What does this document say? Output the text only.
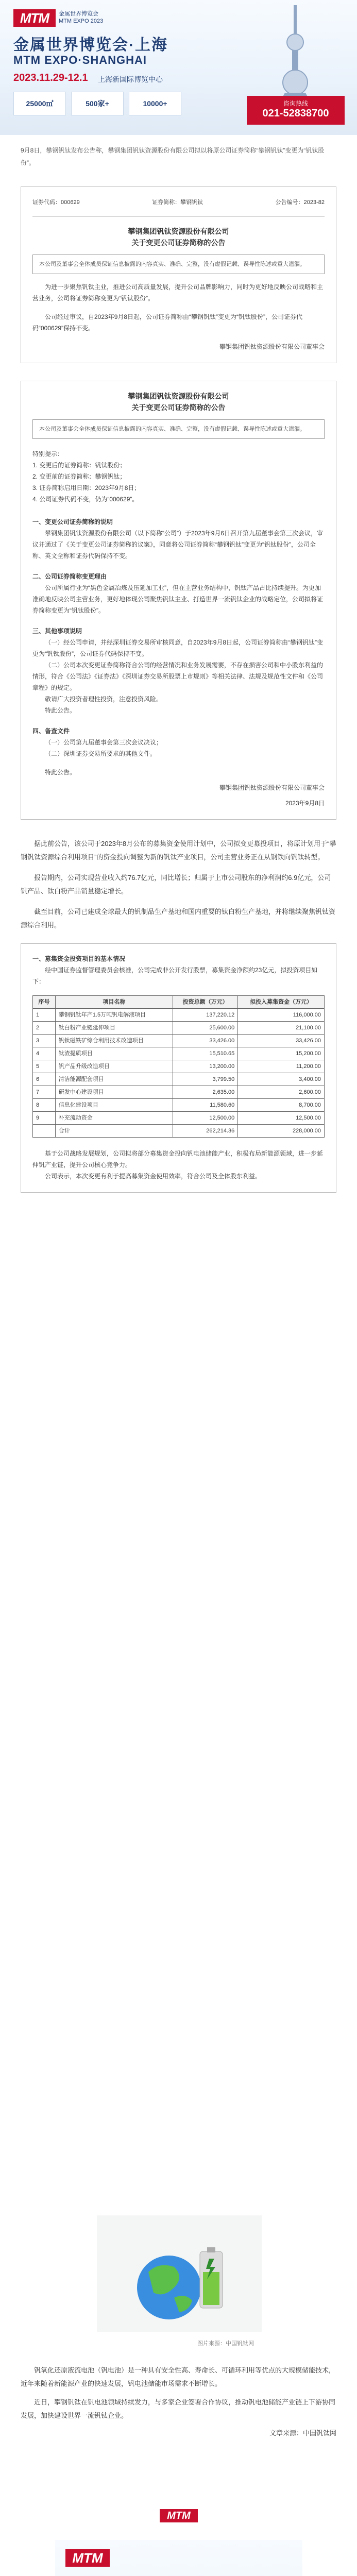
MTM	金属世界博览会
MTM EXPO 2023
金属世界博览会·上海
MTM EXPO·SHANGHAI
2023.11.29-12.1 上海新国际博览中心
25000㎡	500家+	10000+	咨询热线
021-52838700

9月8日，攀钢钒钛发布公告称，攀钢集团钒钛资源股份有限公司拟以将原公司证券简称“攀钢钒钛”变更为“钒钛股份”。

证券代码：000629	证券简称：攀钢钒钛	公告编号：2023-82
攀钢集团钒钛资源股份有限公司
关于变更公司证券简称的公告
本公司及董事会全体成员保证信息披露的内容真实、准确、完整，没有虚假记载、误导性陈述或重大遗漏。

为进一步聚焦钒钛主业，推进公司高质量发展，提升公司品牌影响力，同时为更好地反映公司战略和主营业务，公司将证券简称变更为“钒钛股份”。

公司经过审议，自2023年9月8日起，公司证券简称由“攀钢钒钛”变更为“钒钛股份”，公司证券代码“000629”保持不变。

攀钢集团钒钛资源股份有限公司董事会
攀钢集团钒钛资源股份有限公司
关于变更公司证券简称的公告
本公司及董事会全体成员保证信息披露的内容真实、准确、完整，没有虚假记载、误导性陈述或重大遗漏。

特别提示：

1. 变更后的证券简称：钒钛股份；

2. 变更前的证券简称：攀钢钒钛；

3. 证券简称启用日期：2023年9月8日；

4. 公司证券代码不变，仍为“000629”。

一、变更公司证券简称的说明

攀钢集团钒钛资源股份有限公司（以下简称“公司”）于2023年9月6日召开第九届董事会第三次会议，审议并通过了《关于变更公司证券简称的议案》，同意将公司证券简称“攀钢钒钛”变更为“钒钛股份”，公司全称、英文全称和证券代码保持不变。

二、公司证券简称变更理由

公司所属行业为“黑色金属冶炼及压延加工业”，但在主营业务结构中，钒钛产品占比持续提升。为更加准确地反映公司主营业务，更好地体现公司聚焦钒钛主业、打造世界一流钒钛企业的战略定位，公司拟将证券简称变更为“钒钛股份”。

三、其他事项说明

（一）经公司申请，并经深圳证券交易所审核同意，自2023年9月8日起，公司证券简称由“攀钢钒钛”变更为“钒钛股份”，公司证券代码保持不变。

（二）公司本次变更证券简称符合公司的经营情况和业务发展需要，不存在损害公司和中小股东利益的情形，符合《公司法》《证券法》《深圳证券交易所股票上市规则》等相关法律、法规及规范性文件和《公司章程》的规定。

敬请广大投资者理性投资，注意投资风险。

特此公告。

四、备查文件

（一）公司第九届董事会第三次会议决议；

（二）深圳证券交易所要求的其他文件。

特此公告。

攀钢集团钒钛资源股份有限公司董事会

2023年9月8日

据此前公告，该公司于2023年8月公布的募集资金使用计划中，公司拟变更募投项目，将原计划用于“攀钢钒钛资源综合利用项目”的资金投向调整为新的钒钛产业项目，公司主营业务正在从钢铁向钒钛转型。

报告期内，公司实现营业收入约76.7亿元，同比增长；归属于上市公司股东的净利润约6.9亿元，公司钒产品、钛白粉产品销量稳定增长。

截至目前，公司已建成全球最大的钒制品生产基地和国内重要的钛白粉生产基地，并将继续聚焦钒钛资源综合利用。

一、募集资金投资项目的基本情况

经中国证券监督管理委员会核准，公司完成非公开发行股票，募集资金净额约23亿元，拟投资项目如下：

序号	项目名称	投资总额（万元）	拟投入募集资金（万元）
1	攀钢钒钛年产1.5万吨钒电解液项目	137,220.12	116,000.00
2	钛白粉产业链延伸项目	25,600.00	21,100.00
3	钒钛磁铁矿综合利用技术改造项目	33,426.00	33,426.00
4	钛渣提质项目	15,510.65	15,200.00
5	钒产品升级改造项目	13,200.00	11,200.00
6	清洁能源配套项目	3,799.50	3,400.00
7	研发中心建设项目	2,635.00	2,600.00
8	信息化建设项目	11,580.60	8,700.00
9	补充流动资金	12,500.00	12,500.00
	合计	262,214.36	228,000.00

基于公司战略发展规划，公司拟将部分募集资金投向钒电池储能产业，积极布局新能源领域，进一步延伸钒产业链，提升公司核心竞争力。

公司表示，本次变更有利于提高募集资金使用效率，符合公司及全体股东利益。

图片来源：中国钒钛网

钒氧化还原液流电池（钒电池）是一种具有安全性高、寿命长、可循环利用等优点的大规模储能技术，近年来随着新能源产业的快速发展，钒电池储能市场需求不断增长。

近日，攀钢钒钛在钒电池领域持续发力，与多家企业签署合作协议，推动钒电池储能产业链上下游协同发展，加快建设世界一流钒钛企业。

文章来源：中国钒钛网

MTM
MTM
